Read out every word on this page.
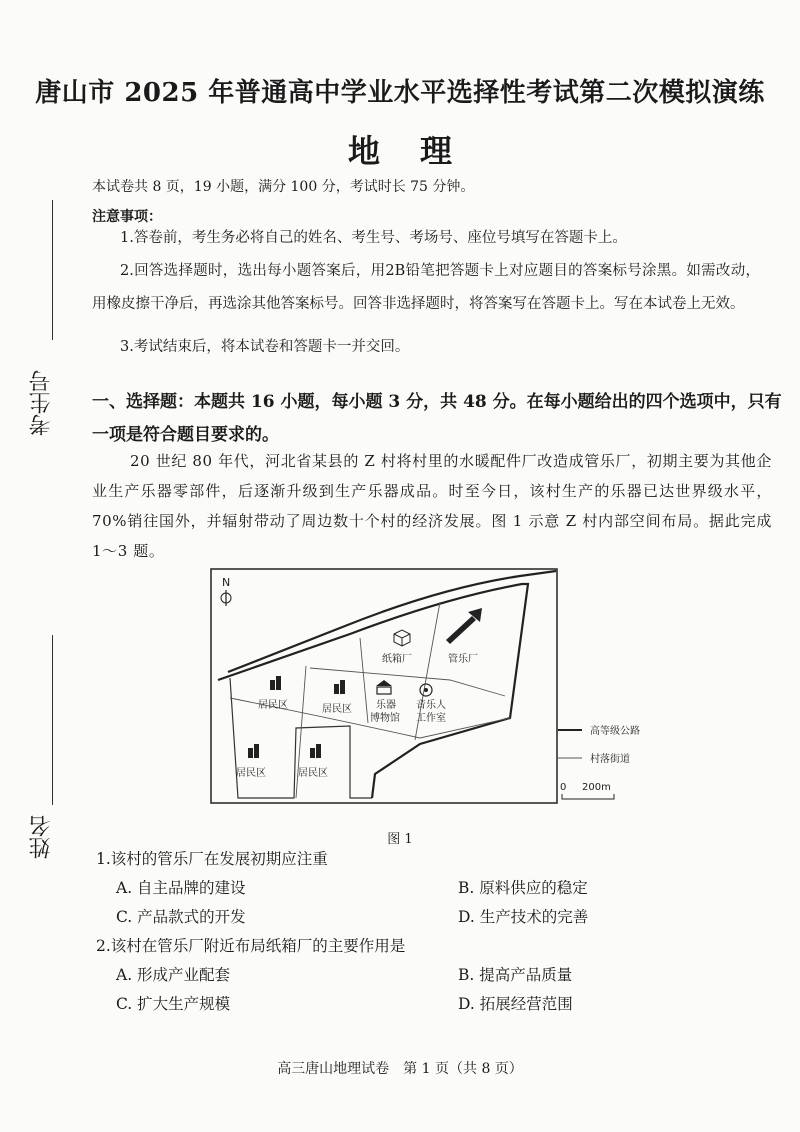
唐山市 2025 年普通高中学业水平选择性考试第二次模拟演练
地理
本试卷共 8 页，19 小题，满分 100 分，考试时长 75 分钟。
注意事项：
1.答卷前，考生务必将自己的姓名、考生号、考场号、座位号填写在答题卡上。
2.回答选择题时，选出每小题答案后，用2B铅笔把答题卡上对应题目的答案标号涂黑。如需改动，用橡皮擦干净后，再选涂其他答案标号。回答非选择题时，将答案写在答题卡上。写在本试卷上无效。
3.考试结束后，将本试卷和答题卡一并交回。
考生号
姓名
一、选择题：本题共 16 小题，每小题 3 分，共 48 分。在每小题给出的四个选项中，只有一项是符合题目要求的。
20 世纪 80 年代，河北省某县的 Z 村将村里的水暖配件厂改造成管乐厂，初期主要为其他企业生产乐器零部件，后逐渐升级到生产乐器成品。时至今日，该村生产的乐器已达世界级水平，70%销往国外，并辐射带动了周边数十个村的经济发展。图 1 示意 Z 村内部空间布局。据此完成 1～3 题。
N
管乐厂
纸箱厂
居民区	居民区 乐器
博物馆
音乐人
工作室
居民区	居民区
高等级公路
村落街道
0 200m
图 1
1.该村的管乐厂在发展初期应注重
A. 自主品牌的建设	B. 原料供应的稳定
C. 产品款式的开发	D. 生产技术的完善
2.该村在管乐厂附近布局纸箱厂的主要作用是
A. 形成产业配套	B. 提高产品质量
C. 扩大生产规模	D. 拓展经营范围
高三唐山地理试卷　第 1 页（共 8 页）
